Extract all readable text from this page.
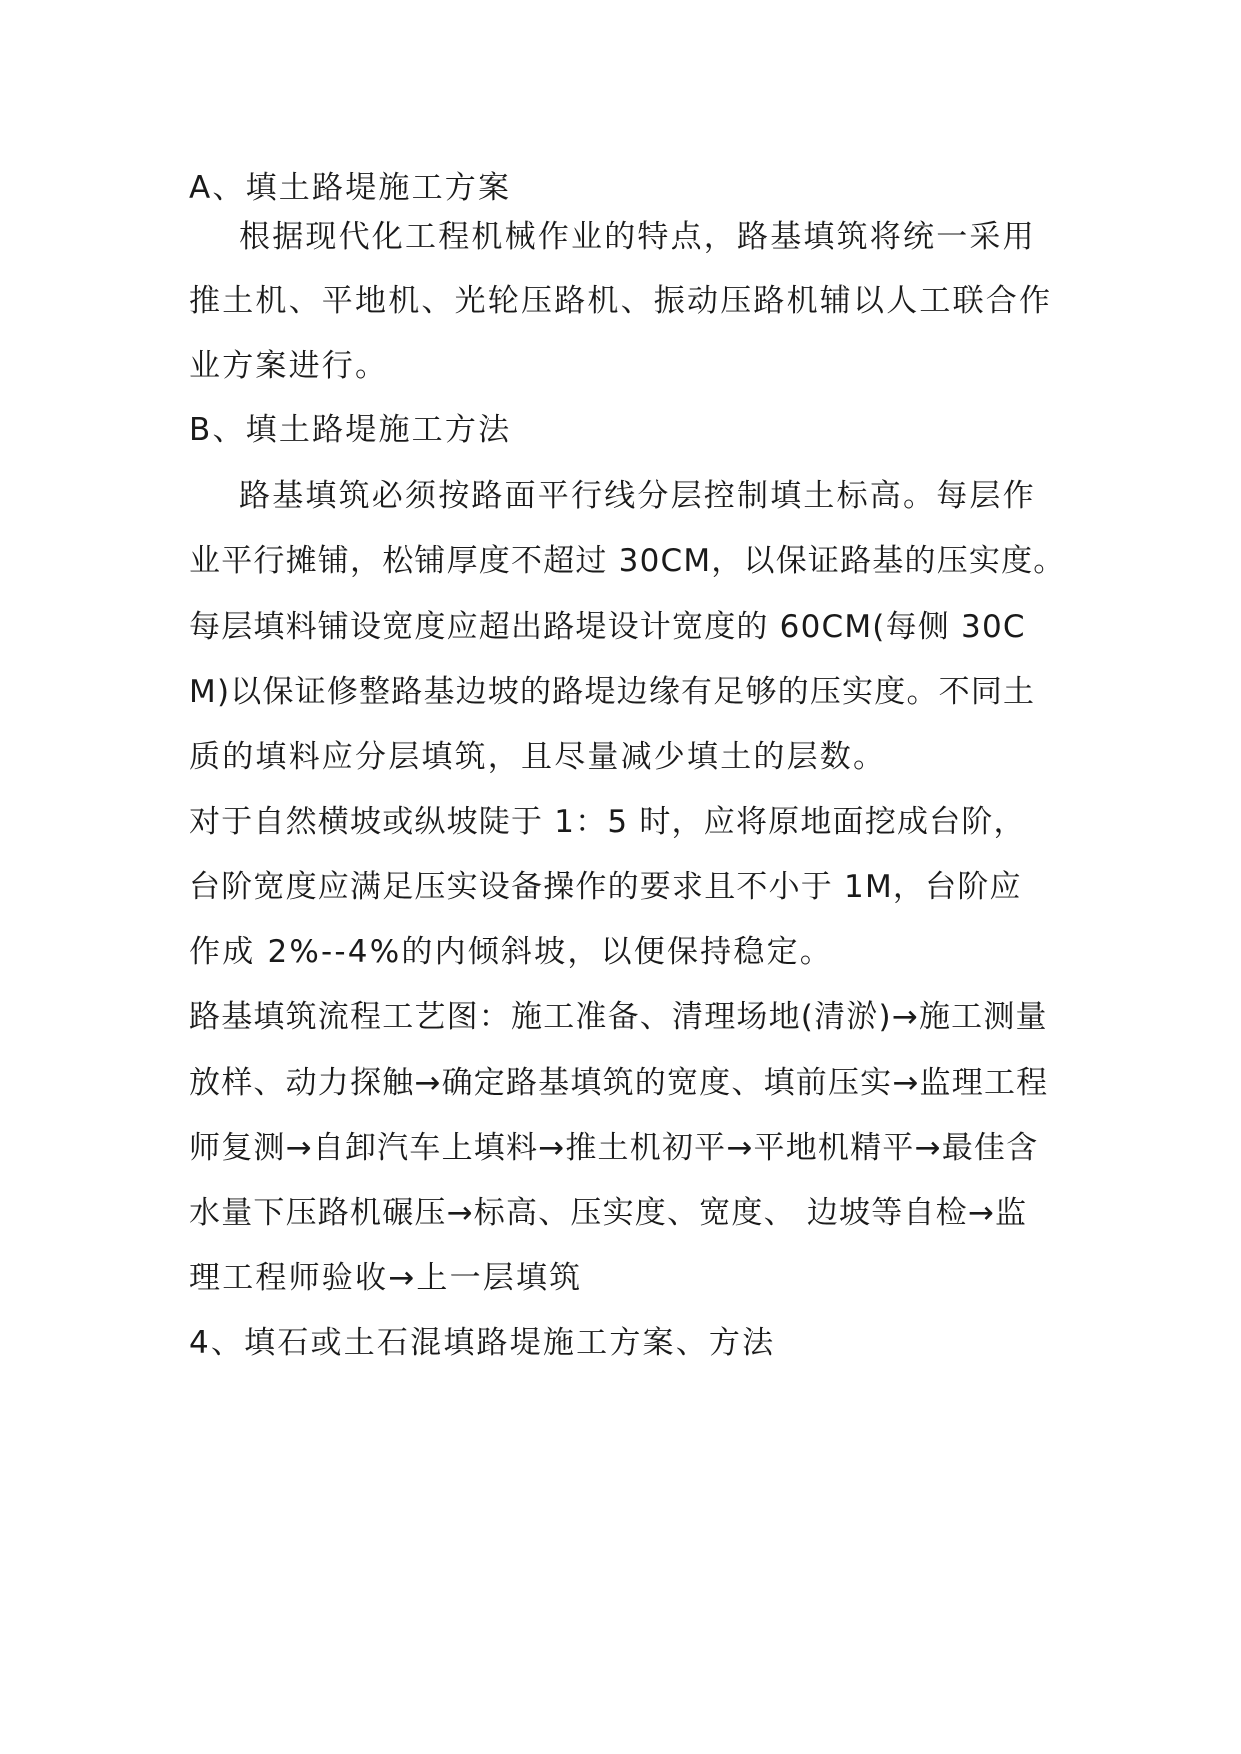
A、填土路堤施工方案
根据现代化工程机械作业的特点，路基填筑将统一采用
推土机、平地机、光轮压路机、振动压路机辅以人工联合作
业方案进行。
B、填土路堤施工方法
路基填筑必须按路面平行线分层控制填土标高。每层作
业平行摊铺，松铺厚度不超过 30CM，以保证路基的压实度。
每层填料铺设宽度应超出路堤设计宽度的 60CM(每侧 30C
M)以保证修整路基边坡的路堤边缘有足够的压实度。不同土
质的填料应分层填筑，且尽量减少填土的层数。
对于自然横坡或纵坡陡于 1：5 时，应将原地面挖成台阶，
台阶宽度应满足压实设备操作的要求且不小于 1M，台阶应
作成 2%--4%的内倾斜坡，以便保持稳定。
路基填筑流程工艺图：施工准备、清理场地(清淤)→施工测量
放样、动力探触→确定路基填筑的宽度、填前压实→监理工程
师复测→自卸汽车上填料→推土机初平→平地机精平→最佳含
水量下压路机碾压→标高、压实度、宽度、 边坡等自检→监
理工程师验收→上一层填筑
4、填石或土石混填路堤施工方案、方法
